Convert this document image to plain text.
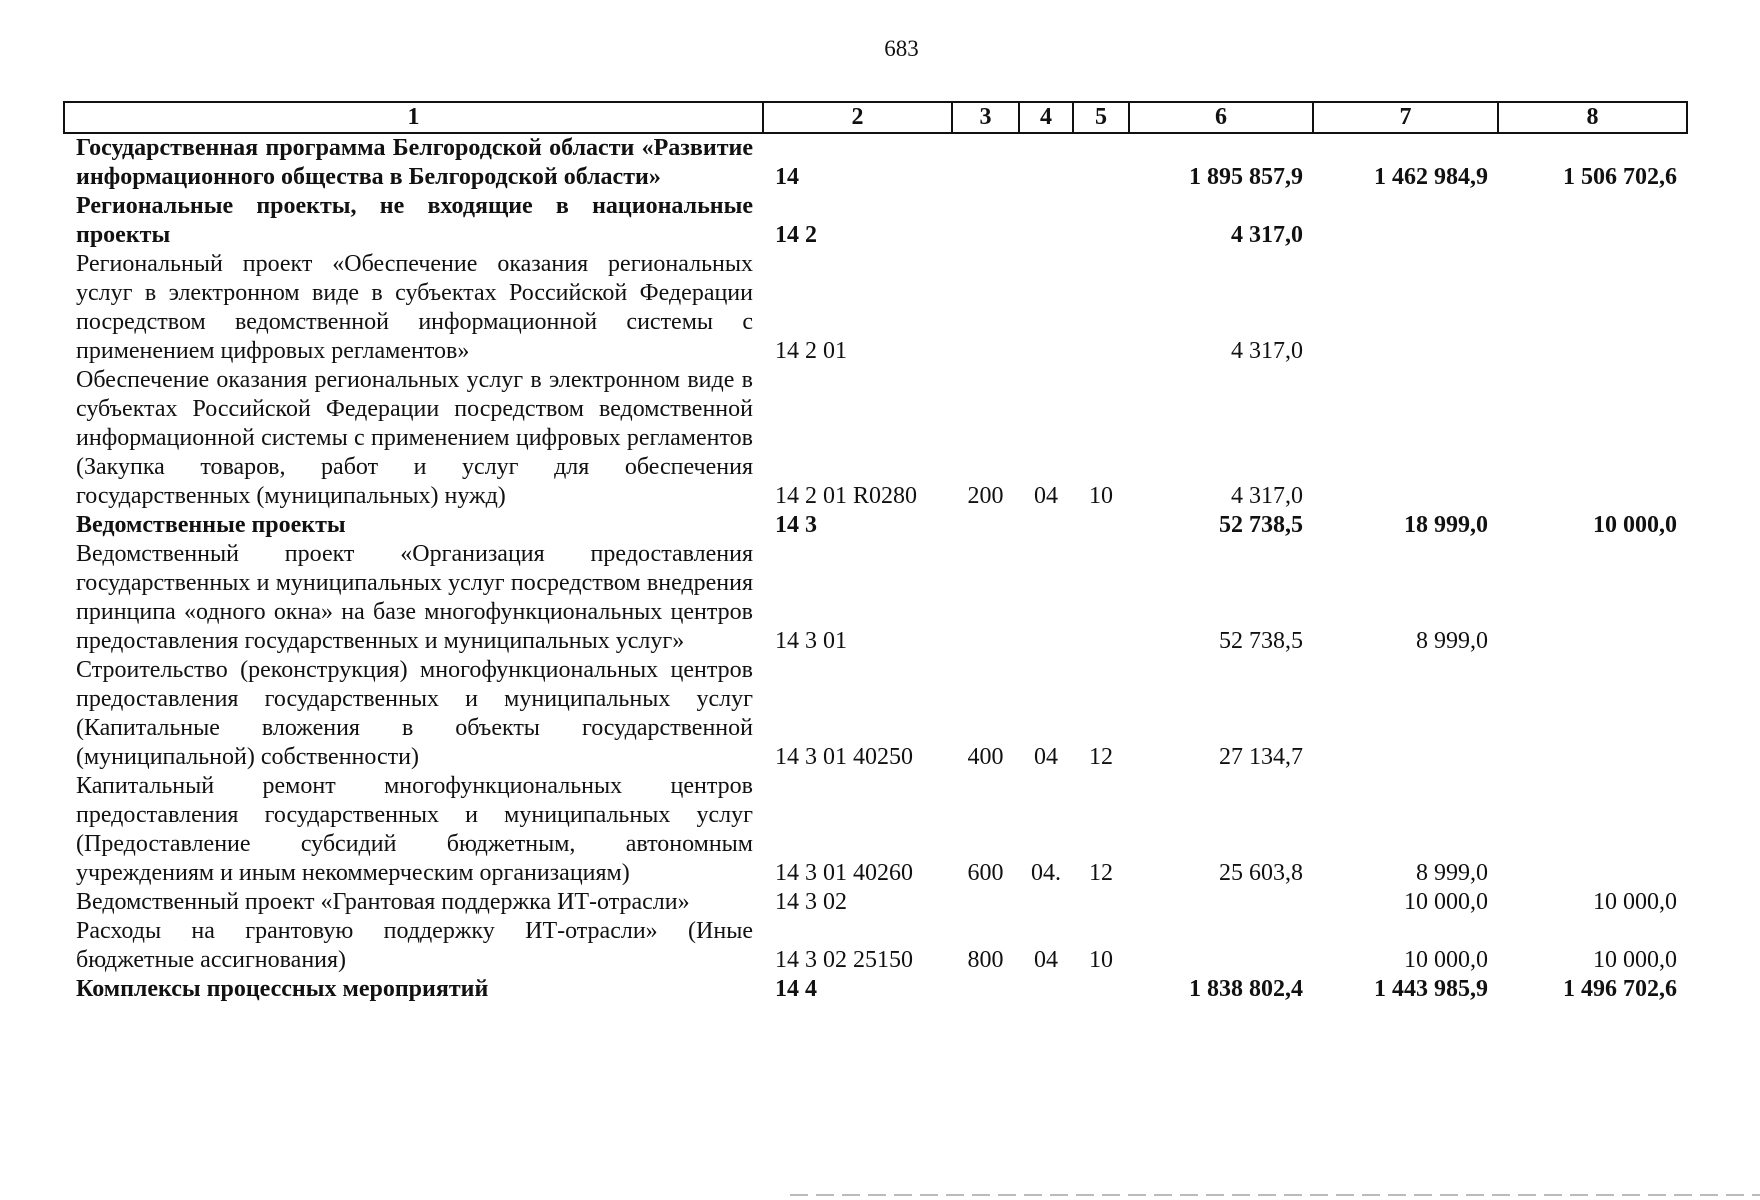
683
1	2	3	4	5	6	7	8
Государственная программа Белгородской области «Развитие информационного общества в Белгородской области»	14				1 895 857,9	1 462 984,9	1 506 702,6
Региональные проекты, не входящие в национальные проекты	14 2				4 317,0		
Региональный проект «Обеспечение оказания региональных услуг в электронном виде в субъектах Российской Федерации посредством ведомственной информационной системы с применением цифровых регламентов»	14 2 01				4 317,0		
Обеспечение оказания региональных услуг в электронном виде в субъектах Российской Федерации посредством ведомственной информационной системы с применением цифровых регламентов (Закупка товаров, работ и услуг для обеспечения государственных (муниципальных) нужд)	14 2 01 R0280	200	04	10	4 317,0		
Ведомственные проекты	14 3				52 738,5	18 999,0	10 000,0
Ведомственный проект «Организация предоставления государственных и муниципальных услуг посредством внедрения принципа «одного окна» на базе многофункциональных центров предоставления государственных и муниципальных услуг»	14 3 01				52 738,5	8 999,0	
Строительство (реконструкция) многофункциональных центров предоставления государственных и муниципальных услуг (Капитальные вложения в объекты государственной (муниципальной) собственности)	14 3 01 40250	400	04	12	27 134,7		
Капитальный ремонт многофункциональных центров предоставления государственных и муниципальных услуг (Предоставление субсидий бюджетным, автономным учреждениям и иным некоммерческим организациям)	14 3 01 40260	600	04.	12	25 603,8	8 999,0	
Ведомственный проект «Грантовая поддержка ИТ-отрасли»	14 3 02					10 000,0	10 000,0
Расходы на грантовую поддержку ИТ-отрасли» (Иные бюджетные ассигнования)	14 3 02 25150	800	04	10		10 000,0	10 000,0
Комплексы процессных мероприятий	14 4				1 838 802,4	1 443 985,9	1 496 702,6
